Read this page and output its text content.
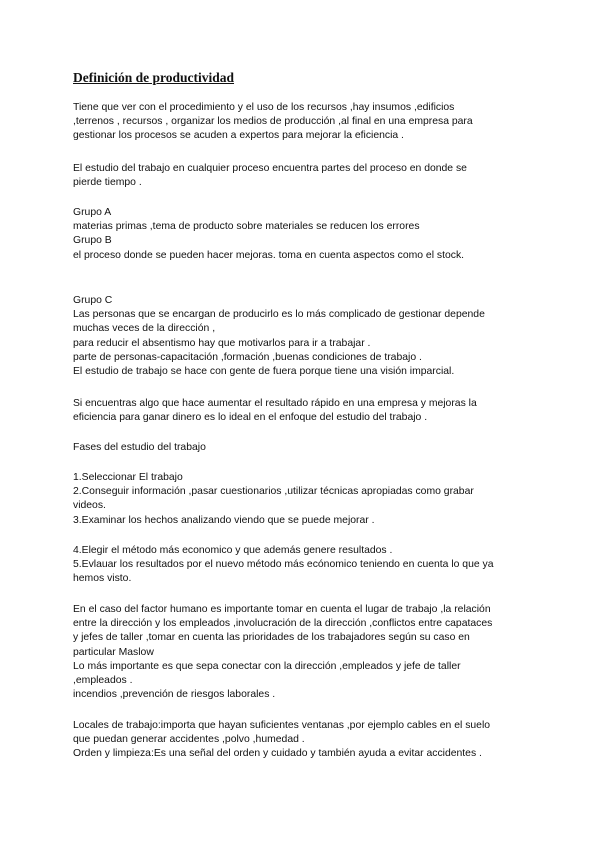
Definición de productividad
Tiene que ver con el procedimiento y el uso de los recursos ,hay insumos ,edificios
,terrenos , recursos , organizar los medios de producción ,al final en una empresa para
gestionar los procesos se acuden a expertos para mejorar la eficiencia .
El estudio del trabajo en cualquier proceso encuentra partes del proceso en donde se
pierde tiempo .
Grupo A
materias primas ,tema de producto sobre materiales se reducen los errores
Grupo B
el proceso donde se pueden hacer mejoras. toma en cuenta aspectos como el stock.
Grupo C
Las personas que se encargan de producirlo es lo más complicado de gestionar depende
muchas veces de la dirección ,
para reducir el absentismo hay que motivarlos para ir a trabajar .
parte de personas-capacitación ,formación ,buenas condiciones de trabajo .
El estudio de trabajo se hace con gente de fuera porque tiene una visión imparcial.
Si encuentras algo que hace aumentar el resultado rápido en una empresa y mejoras la
eficiencia para ganar dinero es lo ideal en el enfoque del estudio del trabajo .
Fases del estudio del trabajo
1.Seleccionar El trabajo
2.Conseguir información ,pasar cuestionarios ,utilizar técnicas apropiadas como grabar
videos.
3.Examinar los hechos analizando viendo que se puede mejorar .
4.Elegir el método más economico y que además genere resultados .
5.Evlauar los resultados por el nuevo método más ecónomico teniendo en cuenta lo que ya
hemos visto.
En el caso del factor humano es importante tomar en cuenta el lugar de trabajo ,la relación
entre la dirección y los empleados ,involucración de la dirección ,conflictos entre capataces
y jefes de taller ,tomar en cuenta las prioridades de los trabajadores según su caso en
particular Maslow
Lo más importante es que sepa conectar con la dirección ,empleados y jefe de taller
,empleados .
incendios ,prevención de riesgos laborales .
Locales de trabajo:importa que hayan suficientes ventanas ,por ejemplo cables en el suelo
que puedan generar accidentes ,polvo ,humedad .
Orden y limpieza:Es una señal del orden y cuidado y también ayuda a evitar accidentes .
